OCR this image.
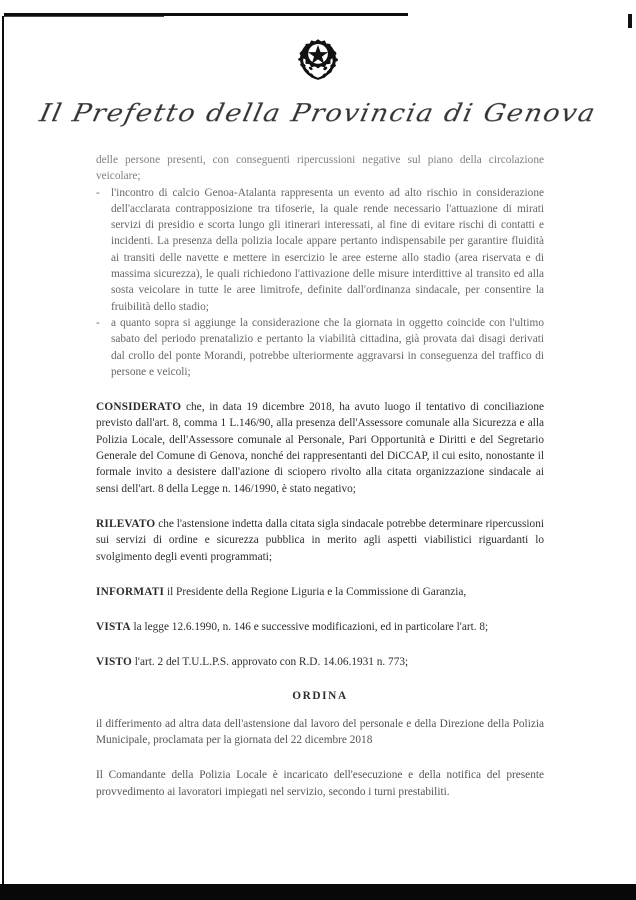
Il Prefetto della Provincia di Genova
delle persone presenti, con conseguenti ripercussioni negative sul piano della circolazione veicolare;
- l'incontro di calcio Genoa-Atalanta rappresenta un evento ad alto rischio in considerazione dell'acclarata contrapposizione tra tifoserie, la quale rende necessario l'attuazione di mirati servizi di presidio e scorta lungo gli itinerari interessati, al fine di evitare rischi di contatti e incidenti. La presenza della polizia locale appare pertanto indispensabile per garantire fluidità ai transiti delle navette e mettere in esercizio le aree esterne allo stadio (area riservata e di massima sicurezza), le quali richiedono l'attivazione delle misure interdittive al transito ed alla sosta veicolare in tutte le aree limitrofe, definite dall'ordinanza sindacale, per consentire la fruibilità dello stadio;
- a quanto sopra si aggiunge la considerazione che la giornata in oggetto coincide con l'ultimo sabato del periodo prenatalizio e pertanto la viabilità cittadina, già provata dai disagi derivati dal crollo del ponte Morandi, potrebbe ulteriormente aggravarsi in conseguenza del traffico di persone e veicoli;
CONSIDERATO che, in data 19 dicembre 2018, ha avuto luogo il tentativo di conciliazione previsto dall'art. 8, comma 1 L.146/90, alla presenza dell'Assessore comunale alla Sicurezza e alla Polizia Locale, dell'Assessore comunale al Personale, Pari Opportunità e Diritti e del Segretario Generale del Comune di Genova, nonché dei rappresentanti del DiCCAP, il cui esito, nonostante il formale invito a desistere dall'azione di sciopero rivolto alla citata organizzazione sindacale ai sensi dell'art. 8 della Legge n. 146/1990, è stato negativo;
RILEVATO che l'astensione indetta dalla citata sigla sindacale potrebbe determinare ripercussioni sui servizi di ordine e sicurezza pubblica in merito agli aspetti viabilistici riguardanti lo svolgimento degli eventi programmati;
INFORMATI il Presidente della Regione Liguria e la Commissione di Garanzia,
VISTA la legge 12.6.1990, n. 146 e successive modificazioni, ed in particolare l'art. 8;
VISTO l'art. 2 del T.U.L.P.S. approvato con R.D. 14.06.1931 n. 773;
ORDINA
il differimento ad altra data dell'astensione dal lavoro del personale e della Direzione della Polizia Municipale, proclamata per la giornata del 22 dicembre 2018
Il Comandante della Polizia Locale è incaricato dell'esecuzione e della notifica del presente provvedimento ai lavoratori impiegati nel servizio, secondo i turni prestabiliti.
